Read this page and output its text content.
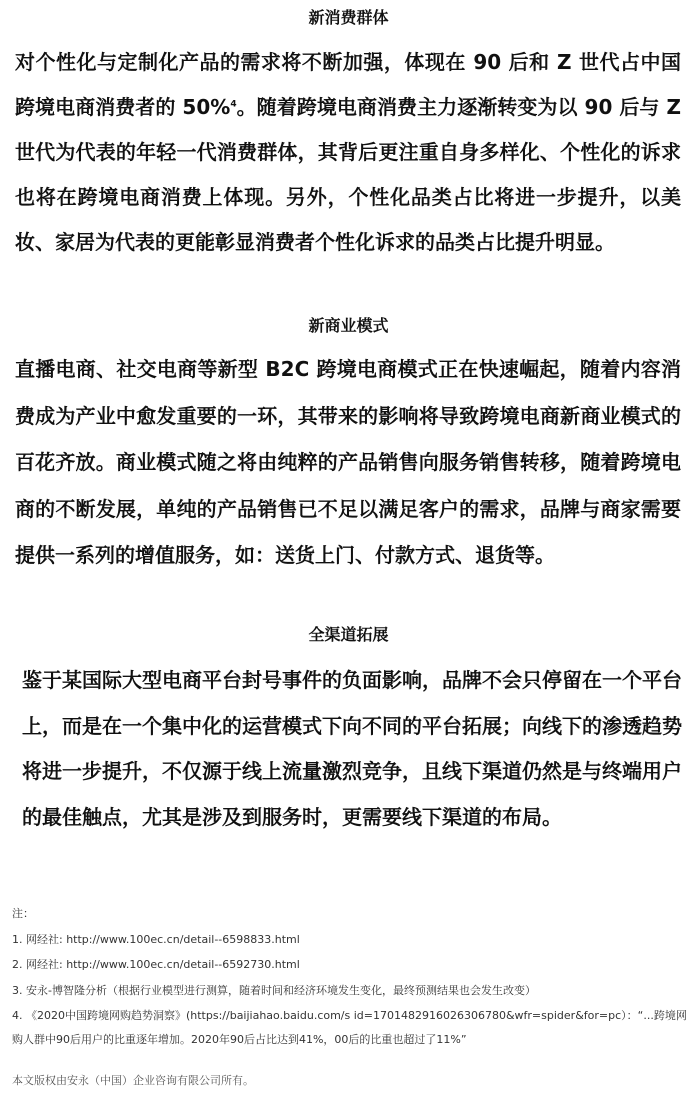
新消费群体
对个性化与定制化产品的需求将不断加强，体现在 90 后和 Z 世代占中国跨境电商消费者的 50%$^4$。随着跨境电商消费主力逐渐转变为以 90 后与 Z 世代为代表的年轻一代消费群体，其背后更注重自身多样化、个性化的诉求也将在跨境电商消费上体现。另外，个性化品类占比将进一步提升，以美妆、家居为代表的更能彰显消费者个性化诉求的品类占比提升明显。
新商业模式
直播电商、社交电商等新型 B2C 跨境电商模式正在快速崛起，随着内容消费成为产业中愈发重要的一环，其带来的影响将导致跨境电商新商业模式的百花齐放。商业模式随之将由纯粹的产品销售向服务销售转移，随着跨境电商的不断发展，单纯的产品销售已不足以满足客户的需求，品牌与商家需要提供一系列的增值服务，如：送货上门、付款方式、退货等。
全渠道拓展
鉴于某国际大型电商平台封号事件的负面影响，品牌不会只停留在一个平台上，而是在一个集中化的运营模式下向不同的平台拓展；向线下的渗透趋势将进一步提升，不仅源于线上流量激烈竞争，且线下渠道仍然是与终端用户的最佳触点，尤其是涉及到服务时，更需要线下渠道的布局。
注：
1. 网经社: http://www.100ec.cn/detail--6598833.html
2. 网经社: http://www.100ec.cn/detail--6592730.html
3. 安永-博智隆分析（根据行业模型进行测算，随着时间和经济环境发生变化，最终预测结果也会发生改变）
4. 《2020中国跨境网购趋势洞察》(https://baijiahao.baidu.com/s id=1701482916026306780&wfr=spider&for=pc）：“...跨境网购人群中90后用户的比重逐年增加。2020年90后占比达到41%，00后的比重也超过了11%”
本文版权由安永（中国）企业咨询有限公司所有。
